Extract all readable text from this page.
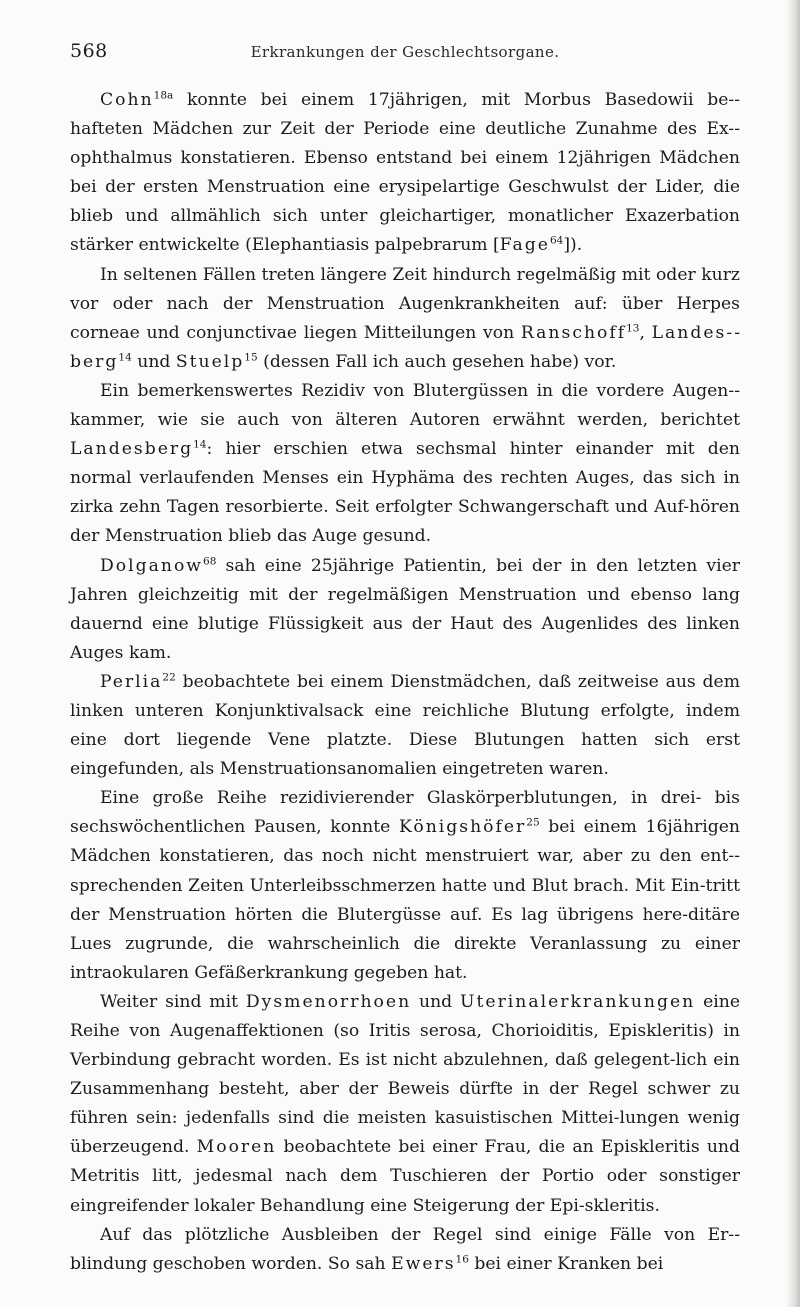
568	Erkrankungen der Geschlechtsorgane.

Cohn$^{18a}$ konnte bei einem 17jährigen, mit Morbus Basedowii be-hafteten Mädchen zur Zeit der Periode eine deutliche Zunahme des Ex-ophthalmus konstatieren. Ebenso entstand bei einem 12jährigen Mädchen bei der ersten Menstruation eine erysipelartige Geschwulst der Lider, die blieb und allmählich sich unter gleichartiger, monatlicher Exazerbation stärker entwickelte (Elephantiasis palpebrarum [Fage$^{64}$]).

In seltenen Fällen treten längere Zeit hindurch regelmäßig mit oder kurz vor oder nach der Menstruation Augenkrankheiten auf: über Herpes corneae und conjunctivae liegen Mitteilungen von Ranschoff$^{13}$, Landes-berg$^{14}$ und Stuelp$^{15}$ (dessen Fall ich auch gesehen habe) vor.

Ein bemerkenswertes Rezidiv von Blutergüssen in die vordere Augen-kammer, wie sie auch von älteren Autoren erwähnt werden, berichtet Landesberg$^{14}$: hier erschien etwa sechsmal hinter einander mit den normal verlaufenden Menses ein Hyphäma des rechten Auges, das sich in zirka zehn Tagen resorbierte. Seit erfolgter Schwangerschaft und Auf-hören der Menstruation blieb das Auge gesund.

Dolganow$^{68}$ sah eine 25jährige Patientin, bei der in den letzten vier Jahren gleichzeitig mit der regelmäßigen Menstruation und ebenso lang dauernd eine blutige Flüssigkeit aus der Haut des Augenlides des linken Auges kam.

Perlia$^{22}$ beobachtete bei einem Dienstmädchen, daß zeitweise aus dem linken unteren Konjunktivalsack eine reichliche Blutung erfolgte, indem eine dort liegende Vene platzte. Diese Blutungen hatten sich erst eingefunden, als Menstruationsanomalien eingetreten waren.

Eine große Reihe rezidivierender Glaskörperblutungen, in drei- bis sechswöchentlichen Pausen, konnte Königshöfer$^{25}$ bei einem 16jährigen Mädchen konstatieren, das noch nicht menstruiert war, aber zu den ent-sprechenden Zeiten Unterleibsschmerzen hatte und Blut brach. Mit Ein-tritt der Menstruation hörten die Blutergüsse auf. Es lag übrigens here-ditäre Lues zugrunde, die wahrscheinlich die direkte Veranlassung zu einer intraokularen Gefäßerkrankung gegeben hat.

Weiter sind mit Dysmenorrhoen und Uterinalerkrankungen eine Reihe von Augenaffektionen (so Iritis serosa, Chorioiditis, Episkleritis) in Verbindung gebracht worden. Es ist nicht abzulehnen, daß gelegent-lich ein Zusammenhang besteht, aber der Beweis dürfte in der Regel schwer zu führen sein: jedenfalls sind die meisten kasuistischen Mittei-lungen wenig überzeugend. Mooren beobachtete bei einer Frau, die an Episkleritis und Metritis litt, jedesmal nach dem Tuschieren der Portio oder sonstiger eingreifender lokaler Behandlung eine Steigerung der Epi-skleritis.

Auf das plötzliche Ausbleiben der Regel sind einige Fälle von Er-blindung geschoben worden. So sah Ewers$^{16}$ bei einer Kranken bei
